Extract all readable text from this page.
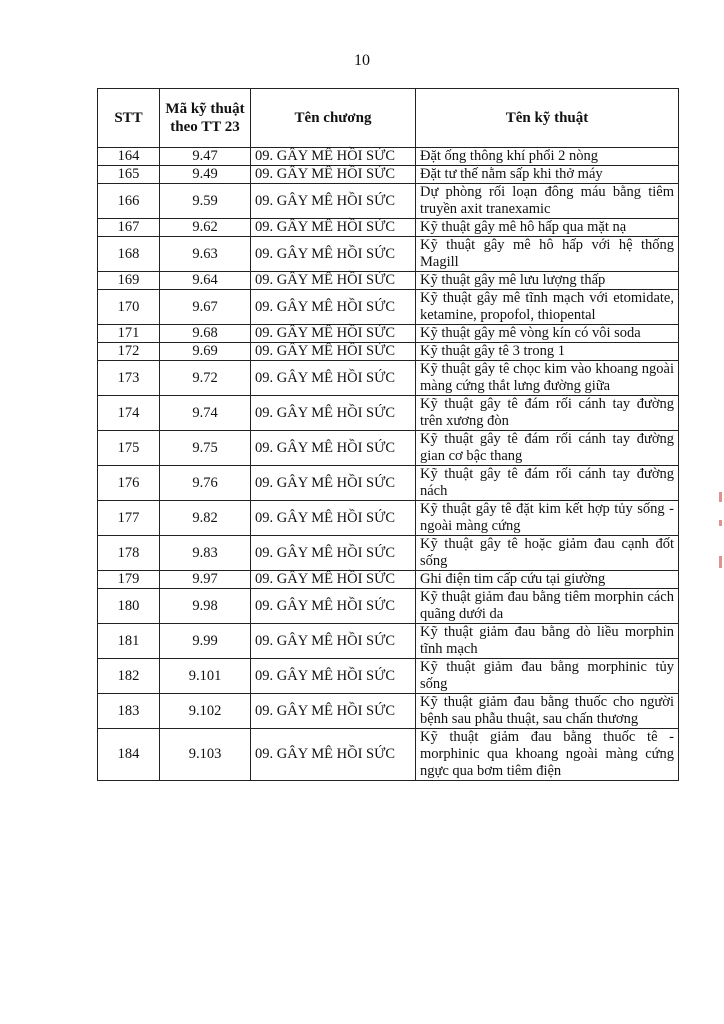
10
STT	Mã kỹ thuật theo TT 23	Tên chương	Tên kỹ thuật
164	9.47	09. GÂY MÊ HỒI SỨC	Đặt ống thông khí phổi 2 nòng
165	9.49	09. GÂY MÊ HỒI SỨC	Đặt tư thế nằm sấp khi thở máy
166	9.59	09. GÂY MÊ HỒI SỨC	Dự phòng rối loạn đông máu bằng tiêm truyền axit tranexamic
167	9.62	09. GÂY MÊ HỒI SỨC	Kỹ thuật gây mê hô hấp qua mặt nạ
168	9.63	09. GÂY MÊ HỒI SỨC	Kỹ thuật gây mê hô hấp với hệ thống Magill
169	9.64	09. GÂY MÊ HỒI SỨC	Kỹ thuật gây mê lưu lượng thấp
170	9.67	09. GÂY MÊ HỒI SỨC	Kỹ thuật gây mê tĩnh mạch với etomidate, ketamine, propofol, thiopental
171	9.68	09. GÂY MÊ HỒI SỨC	Kỹ thuật gây mê vòng kín có vôi soda
172	9.69	09. GÂY MÊ HỒI SỨC	Kỹ thuật gây tê 3 trong 1
173	9.72	09. GÂY MÊ HỒI SỨC	Kỹ thuật gây tê chọc kim vào khoang ngoài màng cứng thắt lưng đường giữa
174	9.74	09. GÂY MÊ HỒI SỨC	Kỹ thuật gây tê đám rối cánh tay đường trên xương đòn
175	9.75	09. GÂY MÊ HỒI SỨC	Kỹ thuật gây tê đám rối cánh tay đường gian cơ bậc thang
176	9.76	09. GÂY MÊ HỒI SỨC	Kỹ thuật gây tê đám rối cánh tay đường nách
177	9.82	09. GÂY MÊ HỒI SỨC	Kỹ thuật gây tê đặt kim kết hợp tủy sống - ngoài màng cứng
178	9.83	09. GÂY MÊ HỒI SỨC	Kỹ thuật gây tê hoặc giảm đau cạnh đốt sống
179	9.97	09. GÂY MÊ HỒI SỨC	Ghi điện tim cấp cứu tại giường
180	9.98	09. GÂY MÊ HỒI SỨC	Kỹ thuật giảm đau bằng tiêm morphin cách quãng dưới da
181	9.99	09. GÂY MÊ HỒI SỨC	Kỹ thuật giảm đau bằng dò liều morphin tĩnh mạch
182	9.101	09. GÂY MÊ HỒI SỨC	Kỹ thuật giảm đau bằng morphinic tủy sống
183	9.102	09. GÂY MÊ HỒI SỨC	Kỹ thuật giảm đau bằng thuốc cho người bệnh sau phẫu thuật, sau chấn thương
184	9.103	09. GÂY MÊ HỒI SỨC	Kỹ thuật giảm đau bằng thuốc tê - morphinic qua khoang ngoài màng cứng ngực qua bơm tiêm điện
